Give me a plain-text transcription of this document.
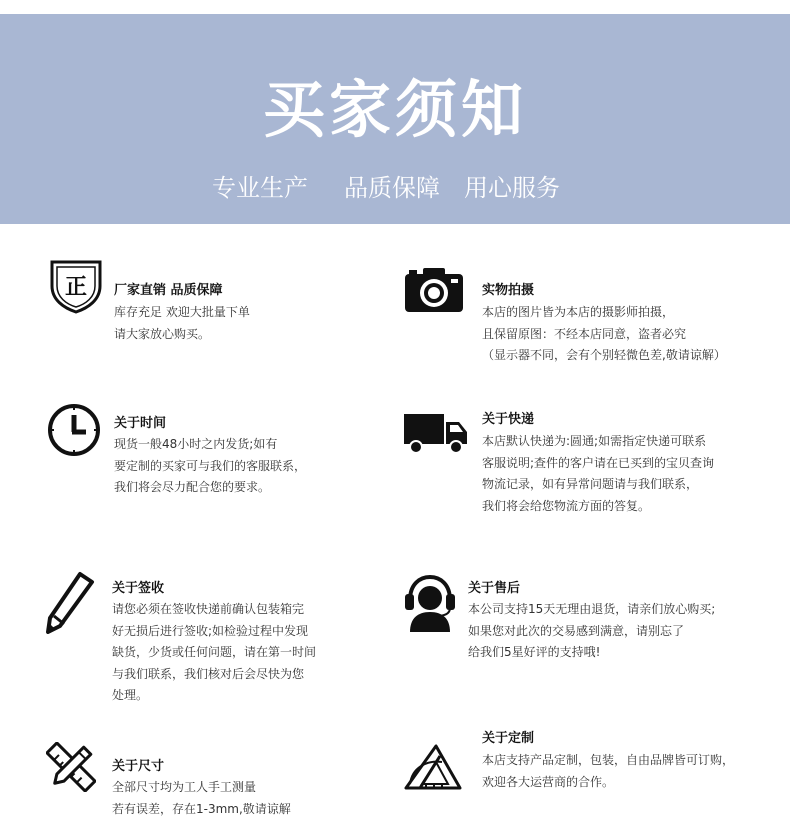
买家须知
专业生产 品质保障 用心服务
正 厂家直销 品质保障
库存充足 欢迎大批量下单
请大家放心购买。
实物拍摄
本店的图片皆为本店的摄影师拍摄，
且保留原图：不经本店同意，盗者必究
（显示器不同，会有个别轻微色差,敬请谅解）
关于时间
现货一般48小时之内发货;如有
要定制的买家可与我们的客服联系，
我们将会尽力配合您的要求。
关于快递
本店默认快递为:圆通;如需指定快递可联系
客服说明;查件的客户请在已买到的宝贝查询
物流记录，如有异常问题请与我们联系，
我们将会给您物流方面的答复。
关于签收
请您必须在签收快递前确认包装箱完
好无损后进行签收;如检验过程中发现
缺货，少货或任何问题，请在第一时间
与我们联系，我们核对后会尽快为您
处理。
关于售后
本公司支持15天无理由退货，请亲们放心购买;
如果您对此次的交易感到满意，请别忘了
给我们5星好评的支持哦!
关于尺寸
全部尺寸均为工人手工测量
若有误差，存在1-3mm,敬请谅解
关于定制
本店支持产品定制，包装，自由品牌皆可订购，
欢迎各大运营商的合作。
